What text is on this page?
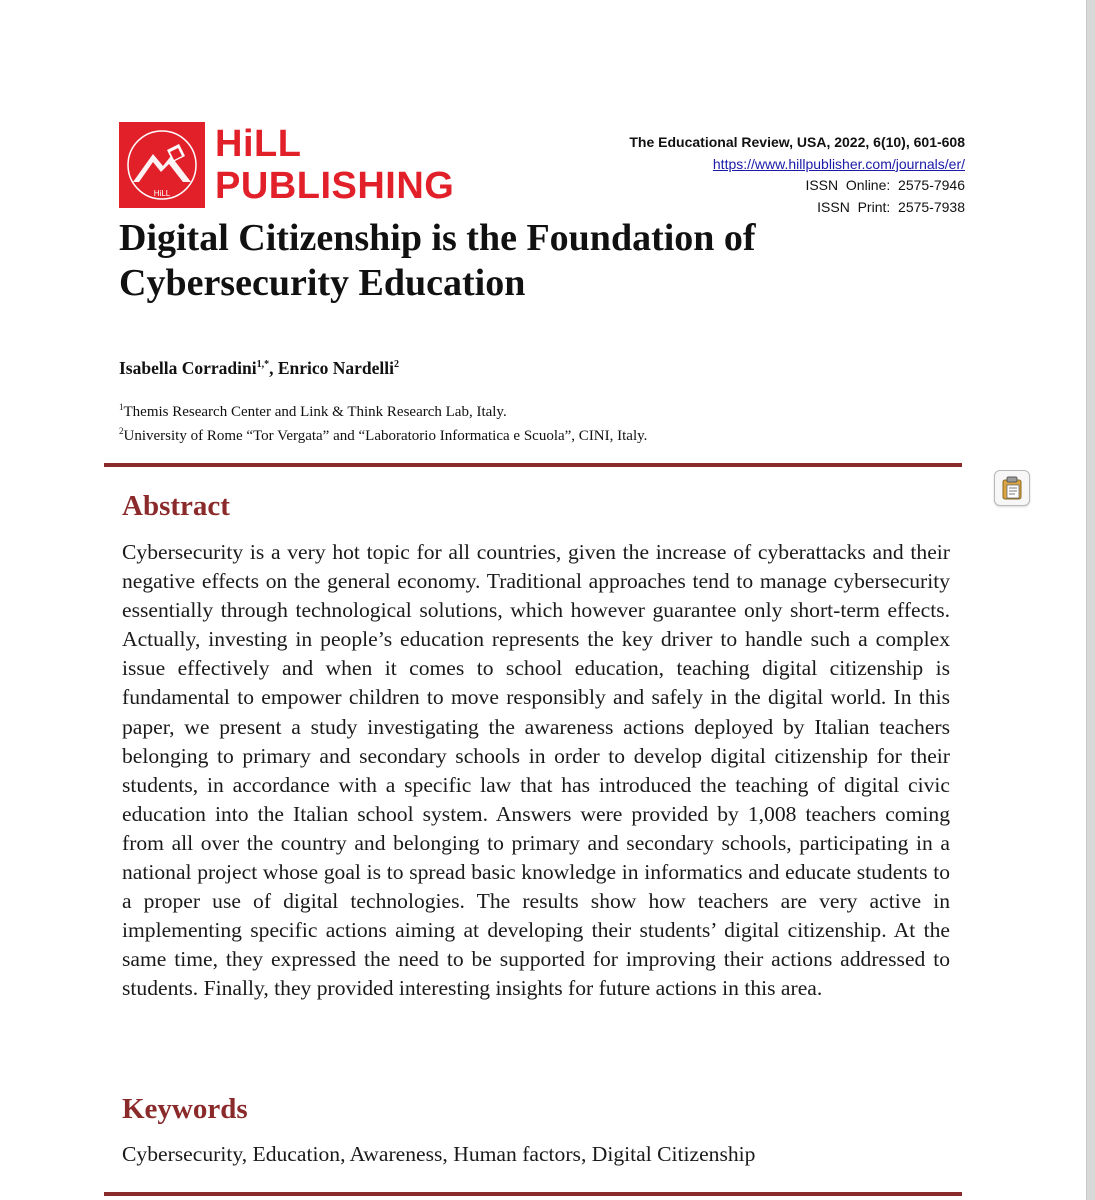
HiLL
HiLL
PUBLISHING
The Educational Review, USA, 2022, 6(10), 601-608
https://www.hillpublisher.com/journals/er/
ISSN  Online:  2575-7946
ISSN  Print:  2575-7938
Digital Citizenship is the Foundation of Cybersecurity Education
Isabella Corradini$^{1,*}$, Enrico Nardelli$^2$
$^1$Themis Research Center and Link & Think Research Lab, Italy.
$^2$University of Rome “Tor Vergata” and “Laboratorio Informatica e Scuola”, CINI, Italy.
Abstract
Cybersecurity is a very hot topic for all countries, given the increase of cyberattacks and their negative effects on the general economy. Traditional approaches tend to manage cybersecurity essentially through technological solutions, which however guarantee only short-term effects. Actually, investing in people’s education represents the key driver to handle such a complex issue effectively and when it comes to school education, teaching digital citizenship is fundamental to empower children to move responsibly and safely in the digital world. In this paper, we present a study investigating the awareness actions deployed by Italian teachers belonging to primary and secondary schools in order to develop digital citizenship for their students, in accordance with a specific law that has introduced the teaching of digital civic education into the Italian school system. Answers were provided by 1,008 teachers coming from all over the country and belonging to primary and secondary schools, participating in a national project whose goal is to spread basic knowledge in informatics and educate students to a proper use of digital technologies. The results show how teachers are very active in implementing specific actions aiming at developing their students’ digital citizenship. At the same time, they expressed the need to be supported for improving their actions addressed to students. Finally, they provided interesting insights for future actions in this area.
Keywords
Cybersecurity, Education, Awareness, Human factors, Digital Citizenship
